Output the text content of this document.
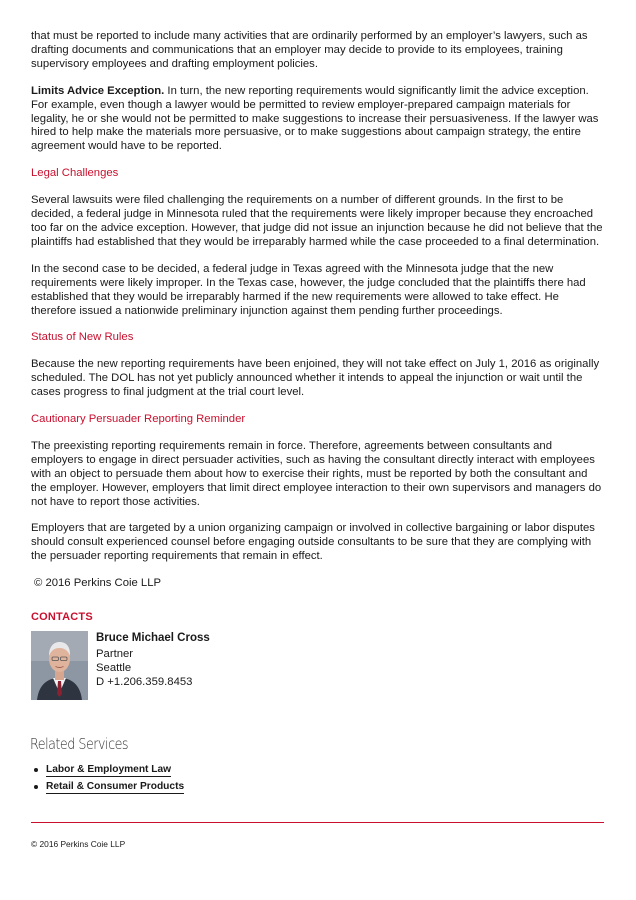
that must be reported to include many activities that are ordinarily performed by an employer’s lawyers, such as drafting documents and communications that an employer may decide to provide to its employees, training supervisory employees and drafting employment policies.

Limits Advice Exception. In turn, the new reporting requirements would significantly limit the advice exception. For example, even though a lawyer would be permitted to review employer-prepared campaign materials for legality, he or she would not be permitted to make suggestions to increase their persuasiveness. If the lawyer was hired to help make the materials more persuasive, or to make suggestions about campaign strategy, the entire agreement would have to be reported.

Legal Challenges

Several lawsuits were filed challenging the requirements on a number of different grounds. In the first to be decided, a federal judge in Minnesota ruled that the requirements were likely improper because they encroached too far on the advice exception. However, that judge did not issue an injunction because he did not believe that the plaintiffs had established that they would be irreparably harmed while the case proceeded to a final determination.

In the second case to be decided, a federal judge in Texas agreed with the Minnesota judge that the new requirements were likely improper. In the Texas case, however, the judge concluded that the plaintiffs there had established that they would be irreparably harmed if the new requirements were allowed to take effect. He therefore issued a nationwide preliminary injunction against them pending further proceedings.

Status of New Rules

Because the new reporting requirements have been enjoined, they will not take effect on July 1, 2016 as originally scheduled. The DOL has not yet publicly announced whether it intends to appeal the injunction or wait until the cases progress to final judgment at the trial court level.

Cautionary Persuader Reporting Reminder

The preexisting reporting requirements remain in force. Therefore, agreements between consultants and employers to engage in direct persuader activities, such as having the consultant directly interact with employees with an object to persuade them about how to exercise their rights, must be reported by both the consultant and the employer. However, employers that limit direct employee interaction to their own supervisors and managers do not have to report those activities.

Employers that are targeted by a union organizing campaign or involved in collective bargaining or labor disputes should consult experienced counsel before engaging outside consultants to be sure that they are complying with the persuader reporting requirements that remain in effect.

© 2016 Perkins Coie LLP
CONTACTS
Bruce Michael Cross
Partner
Seattle
D +1.206.359.8453
Related Services
Labor & Employment Law
Retail & Consumer Products
© 2016 Perkins Coie LLP
